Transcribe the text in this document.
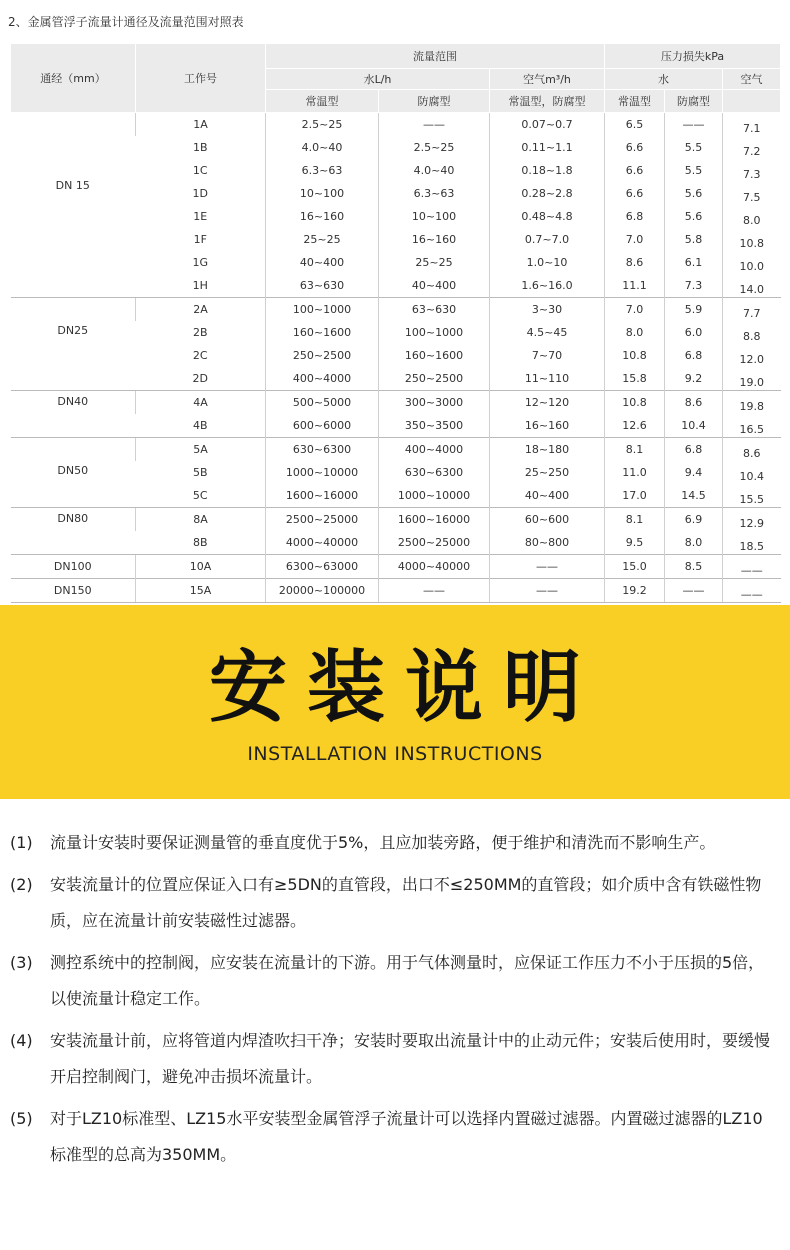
2、金属管浮子流量计通径及流量范围对照表
通经（mm）	工作号	流量范围			压力损失kPa		
		水L/h		空气m³/h	水		空气
		常温型	防腐型	常温型，防腐型	常温型	防腐型	
DN 15	1A	2.5~25	——	0.07~0.7	6.5	——	7.1
	1B	4.0~40	2.5~25	0.11~1.1	6.6	5.5	7.2
	1C	6.3~63	4.0~40	0.18~1.8	6.6	5.5	7.3
	1D	10~100	6.3~63	0.28~2.8	6.6	5.6	7.5
	1E	16~160	10~100	0.48~4.8	6.8	5.6	8.0
	1F	25~25	16~160	0.7~7.0	7.0	5.8	10.8
	1G	40~400	25~25	1.0~10	8.6	6.1	10.0
	1H	63~630	40~400	1.6~16.0	11.1	7.3	14.0
DN25	2A	100~1000	63~630	3~30	7.0	5.9	7.7
	2B	160~1600	100~1000	4.5~45	8.0	6.0	8.8
	2C	250~2500	160~1600	7~70	10.8	6.8	12.0
	2D	400~4000	250~2500	11~110	15.8	9.2	19.0
DN40	4A	500~5000	300~3000	12~120	10.8	8.6	19.8
	4B	600~6000	350~3500	16~160	12.6	10.4	16.5
DN50	5A	630~6300	400~4000	18~180	8.1	6.8	8.6
	5B	1000~10000	630~6300	25~250	11.0	9.4	10.4
	5C	1600~16000	1000~10000	40~400	17.0	14.5	15.5
DN80	8A	2500~25000	1600~16000	60~600	8.1	6.9	12.9
	8B	4000~40000	2500~25000	80~800	9.5	8.0	18.5
DN100	10A	6300~63000	4000~40000	——	15.0	8.5	——
DN150	15A	20000~100000	——	——	19.2	——	——
安装说明
INSTALLATION INSTRUCTIONS
(1) 流量计安装时要保证测量管的垂直度优于5%，且应加装旁路，便于维护和清洗而不影响生产。
(2) 安装流量计的位置应保证入口有≥5DN的直管段，出口不≤250MM的直管段；如介质中含有铁磁性物质，应在流量计前安装磁性过滤器。
(3) 测控系统中的控制阀，应安装在流量计的下游。用于气体测量时，应保证工作压力不小于压损的5倍，以使流量计稳定工作。
(4) 安装流量计前，应将管道内焊渣吹扫干净；安装时要取出流量计中的止动元件；安装后使用时，要缓慢开启控制阀门，避免冲击损坏流量计。
(5) 对于LZ10标准型、LZ15水平安装型金属管浮子流量计可以选择内置磁过滤器。内置磁过滤器的LZ10标准型的总高为350MM。
